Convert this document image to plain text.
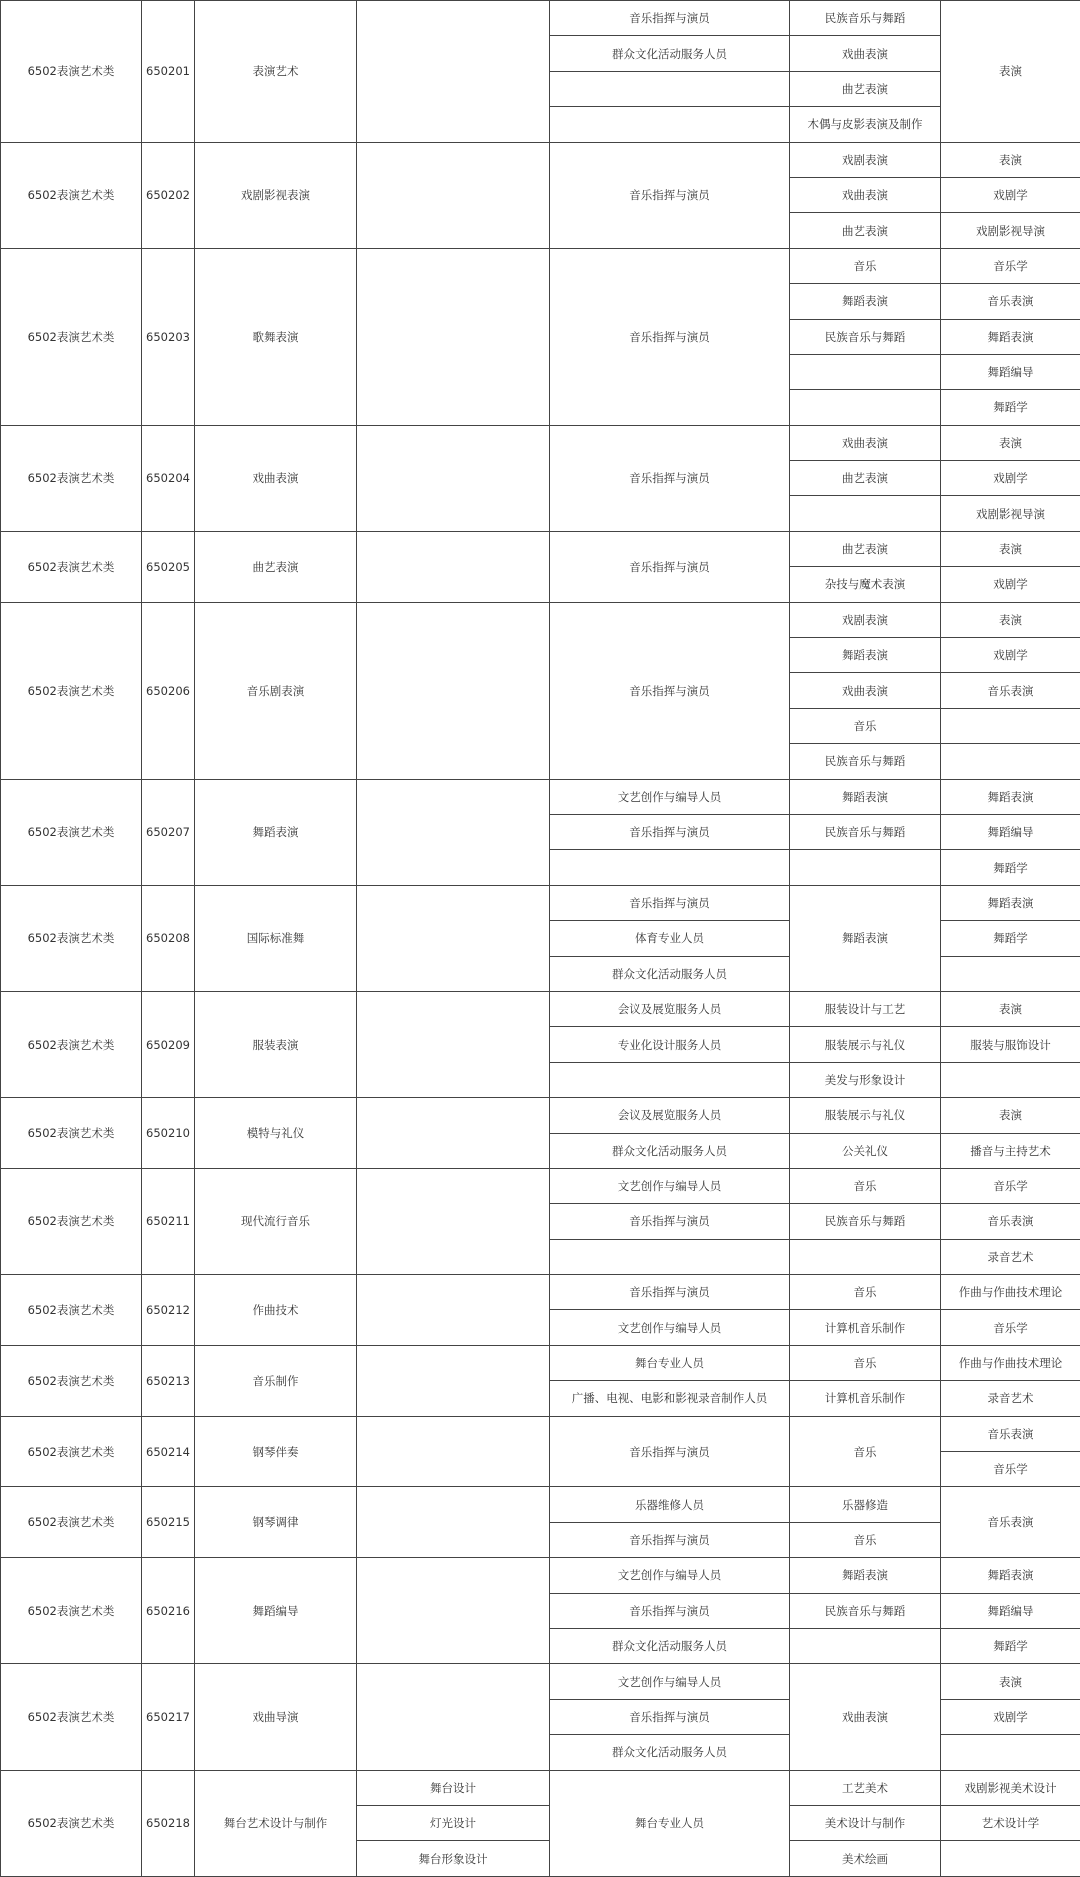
6502表演艺术类	650201	表演艺术		音乐指挥与演员	民族音乐与舞蹈	表演
				群众文化活动服务人员	戏曲表演	
					曲艺表演	
					木偶与皮影表演及制作	
6502表演艺术类	650202	戏剧影视表演		音乐指挥与演员	戏剧表演	表演
					戏曲表演	戏剧学
					曲艺表演	戏剧影视导演
6502表演艺术类	650203	歌舞表演		音乐指挥与演员	音乐	音乐学
					舞蹈表演	音乐表演
					民族音乐与舞蹈	舞蹈表演
						舞蹈编导
						舞蹈学
6502表演艺术类	650204	戏曲表演		音乐指挥与演员	戏曲表演	表演
					曲艺表演	戏剧学
						戏剧影视导演
6502表演艺术类	650205	曲艺表演		音乐指挥与演员	曲艺表演	表演
					杂技与魔术表演	戏剧学
6502表演艺术类	650206	音乐剧表演		音乐指挥与演员	戏剧表演	表演
					舞蹈表演	戏剧学
					戏曲表演	音乐表演
					音乐	
					民族音乐与舞蹈	
6502表演艺术类	650207	舞蹈表演		文艺创作与编导人员	舞蹈表演	舞蹈表演
				音乐指挥与演员	民族音乐与舞蹈	舞蹈编导
						舞蹈学
6502表演艺术类	650208	国际标准舞		音乐指挥与演员	舞蹈表演	舞蹈表演
				体育专业人员		舞蹈学
				群众文化活动服务人员		
6502表演艺术类	650209	服装表演		会议及展览服务人员	服装设计与工艺	表演
				专业化设计服务人员	服装展示与礼仪	服装与服饰设计
					美发与形象设计	
6502表演艺术类	650210	模特与礼仪		会议及展览服务人员	服装展示与礼仪	表演
				群众文化活动服务人员	公关礼仪	播音与主持艺术
6502表演艺术类	650211	现代流行音乐		文艺创作与编导人员	音乐	音乐学
				音乐指挥与演员	民族音乐与舞蹈	音乐表演
						录音艺术
6502表演艺术类	650212	作曲技术		音乐指挥与演员	音乐	作曲与作曲技术理论
				文艺创作与编导人员	计算机音乐制作	音乐学
6502表演艺术类	650213	音乐制作		舞台专业人员	音乐	作曲与作曲技术理论
				广播、电视、电影和影视录音制作人员	计算机音乐制作	录音艺术
6502表演艺术类	650214	钢琴伴奏		音乐指挥与演员	音乐	音乐表演
						音乐学
6502表演艺术类	650215	钢琴调律		乐器维修人员	乐器修造	音乐表演
				音乐指挥与演员	音乐	
6502表演艺术类	650216	舞蹈编导		文艺创作与编导人员	舞蹈表演	舞蹈表演
				音乐指挥与演员	民族音乐与舞蹈	舞蹈编导
				群众文化活动服务人员		舞蹈学
6502表演艺术类	650217	戏曲导演		文艺创作与编导人员	戏曲表演	表演
				音乐指挥与演员		戏剧学
				群众文化活动服务人员		
6502表演艺术类	650218	舞台艺术设计与制作	舞台设计	舞台专业人员	工艺美术	戏剧影视美术设计
			灯光设计		美术设计与制作	艺术设计学
			舞台形象设计		美术绘画	
